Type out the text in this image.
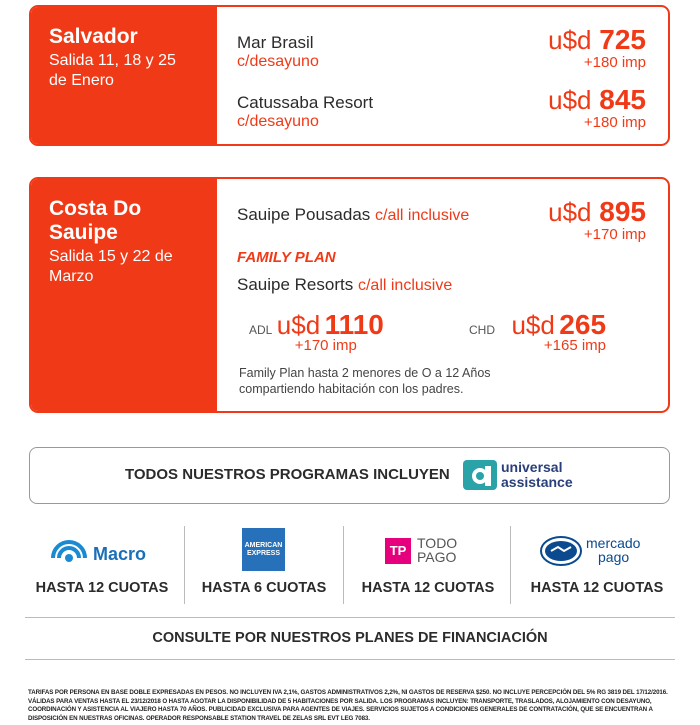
Salvador
Salida 11, 18 y 25 de Enero
Mar Brasil
c/desayuno
u$d 725
+180 imp
Catussaba Resort
c/desayuno
u$d 845
+180 imp
Costa Do Sauipe
Salida 15 y 22 de Marzo
Sauipe Pousadas c/all inclusive	u$d 895
+170 imp
FAMILY PLAN
Sauipe Resorts c/all inclusive
ADL u$d 1110
+170 imp
CHD u$d 265
+165 imp
Family Plan hasta 2 menores de O a 12 Años
compartiendo habitación con los padres.
TODOS NUESTROS PROGRAMAS INCLUYEN	universal
assistance
Macro
HASTA 12 CUOTAS
AMERICAN
EXPRESS
HASTA 6 CUOTAS
TP TODO
PAGO
HASTA 12 CUOTAS
mercado
pago
HASTA 12 CUOTAS
CONSULTE POR NUESTROS PLANES DE FINANCIACIÓN
TARIFAS POR PERSONA EN BASE DOBLE EXPRESADAS EN PESOS. NO INCLUYEN IVA 2,1%, GASTOS ADMINISTRATIVOS 2,2%, NI GASTOS DE RESERVA $250. NO INCLUYE PERCEPCIÓN DEL 5% RG 3819 DEL 17/12/2016. VÁLIDAS PARA VENTAS HASTA EL 23/12/2018 O HASTA AGOTAR LA DISPONIBILIDAD DE 5 HABITACIONES POR SALIDA. LOS PROGRAMAS INCLUYEN: TRANSPORTE, TRASLADOS, ALOJAMIENTO CON DESAYUNO, COORDINACIÓN Y ASISTENCIA AL VIAJERO HASTA 70 AÑOS. PUBLICIDAD EXCLUSIVA PARA AGENTES DE VIAJES. SERVICIOS SUJETOS A CONDICIONES GENERALES DE CONTRATACIÓN, QUE SE ENCUENTRAN A DISPOSICIÓN EN NUESTRAS OFICINAS. OPERADOR RESPONSABLE STATION TRAVEL DE ZELAS SRL EVT LEG 7083.
